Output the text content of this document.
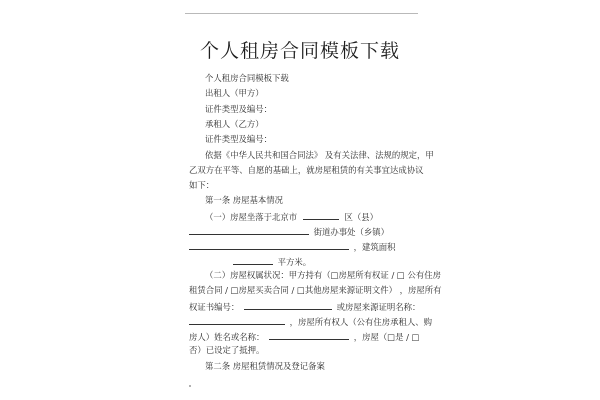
个人租房合同模板下载
个人租房合同模板下载
出租人（甲方）
证件类型及编号：
承租人（乙方）
证件类型及编号：
依据《中华人民共和国合同法》 及有关法律、法规的规定，甲
乙双方在平等、自愿的基础上，就房屋租赁的有关事宜达成协议
如下：
第一条 房屋基本情况
（一）房屋坐落于北京市	区（县）
街道办事处（乡镇）
，建筑面积
平方米。
（二）房屋权属状况：甲方持有（□房屋所有权证 / □ 公有住房
租赁合同 / □房屋买卖合同 / □其他房屋来源证明文件） ，房屋所有
权证书编号：	或房屋来源证明名称：
，房屋所有权人（公有住房承租人、购
房人）姓名或名称：	，房屋（□是 / □
否）已设定了抵押。
第二条 房屋租赁情况及登记备案
